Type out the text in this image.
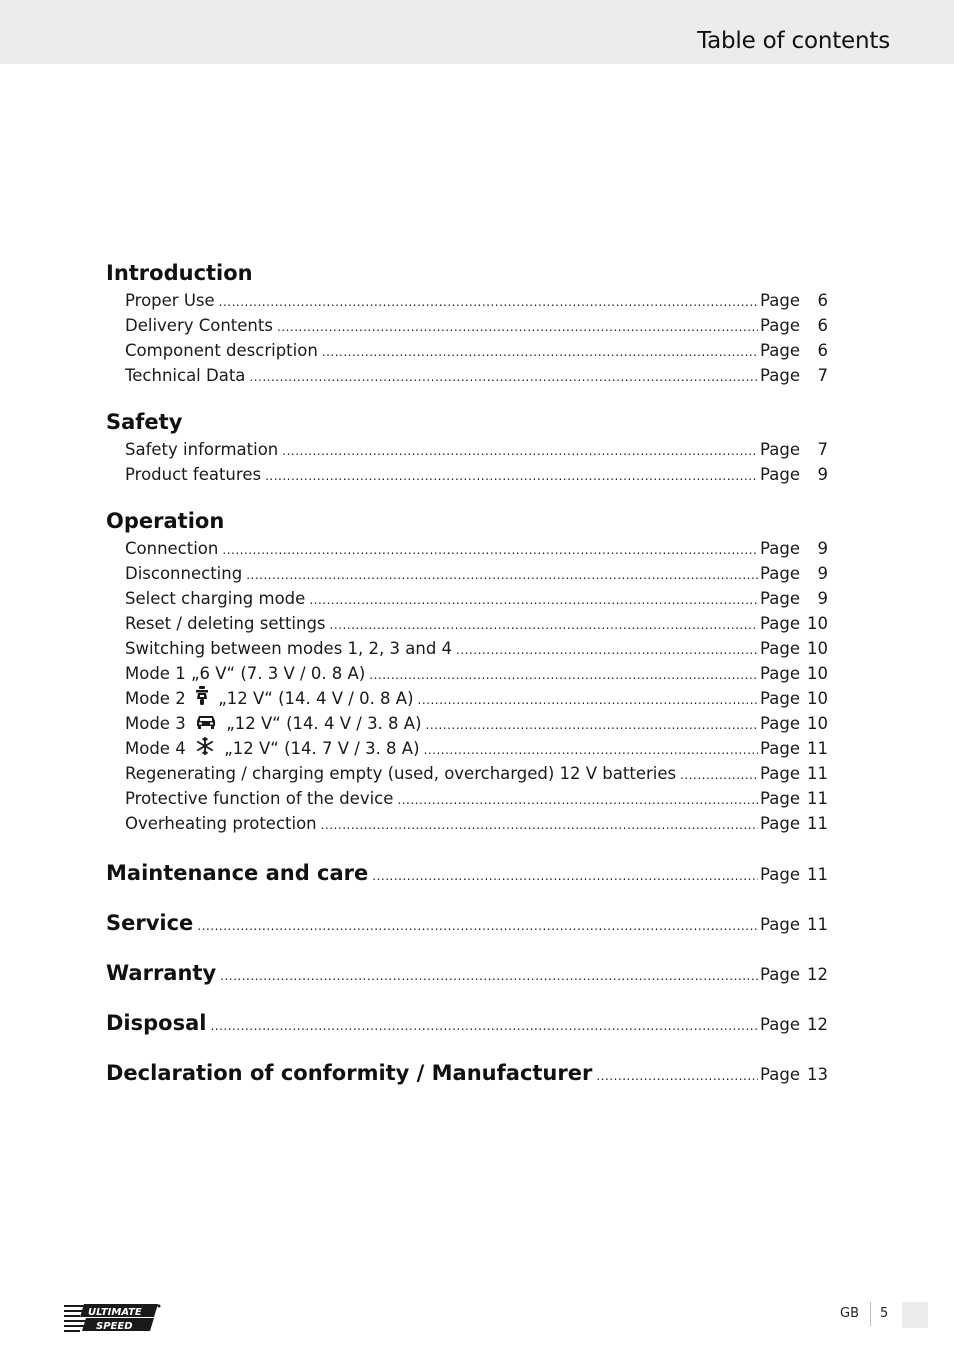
Table of contents
Introduction
Proper Use .....	Page	6
Delivery Contents .....	Page	6
Component description .....	Page	6
Technical Data .....	Page	7
Safety
Safety information .....	Page	7
Product features .....	Page	9
Operation
Connection .....	Page	9
Disconnecting .....	Page	9
Select charging mode .....	Page	9
Reset / deleting settings .....	Page 10
Switching between modes 1, 2, 3 and 4 .....	Page 10
Mode 1 „6 V“ (7. 3 V / 0. 8 A) .....	Page 10
Mode 2 „12 V“ (14. 4 V / 0. 8 A) .....	Page 10
Mode 3 „12 V“ (14. 4 V / 3. 8 A) .....	Page 10
Mode 4 „12 V“ (14. 7 V / 3. 8 A) .....	Page 11
Regenerating / charging empty (used, overcharged) 12 V batteries .....	Page 11
Protective function of the device .....	Page 11
Overheating protection .....	Page 11
Maintenance and care .....	Page 11
Service .....	Page 11
Warranty .....	Page 12
Disposal .....	Page 12
Declaration of conformity / Manufacturer .....	Page 13
ULTIMATE
SPEED
GB 5
